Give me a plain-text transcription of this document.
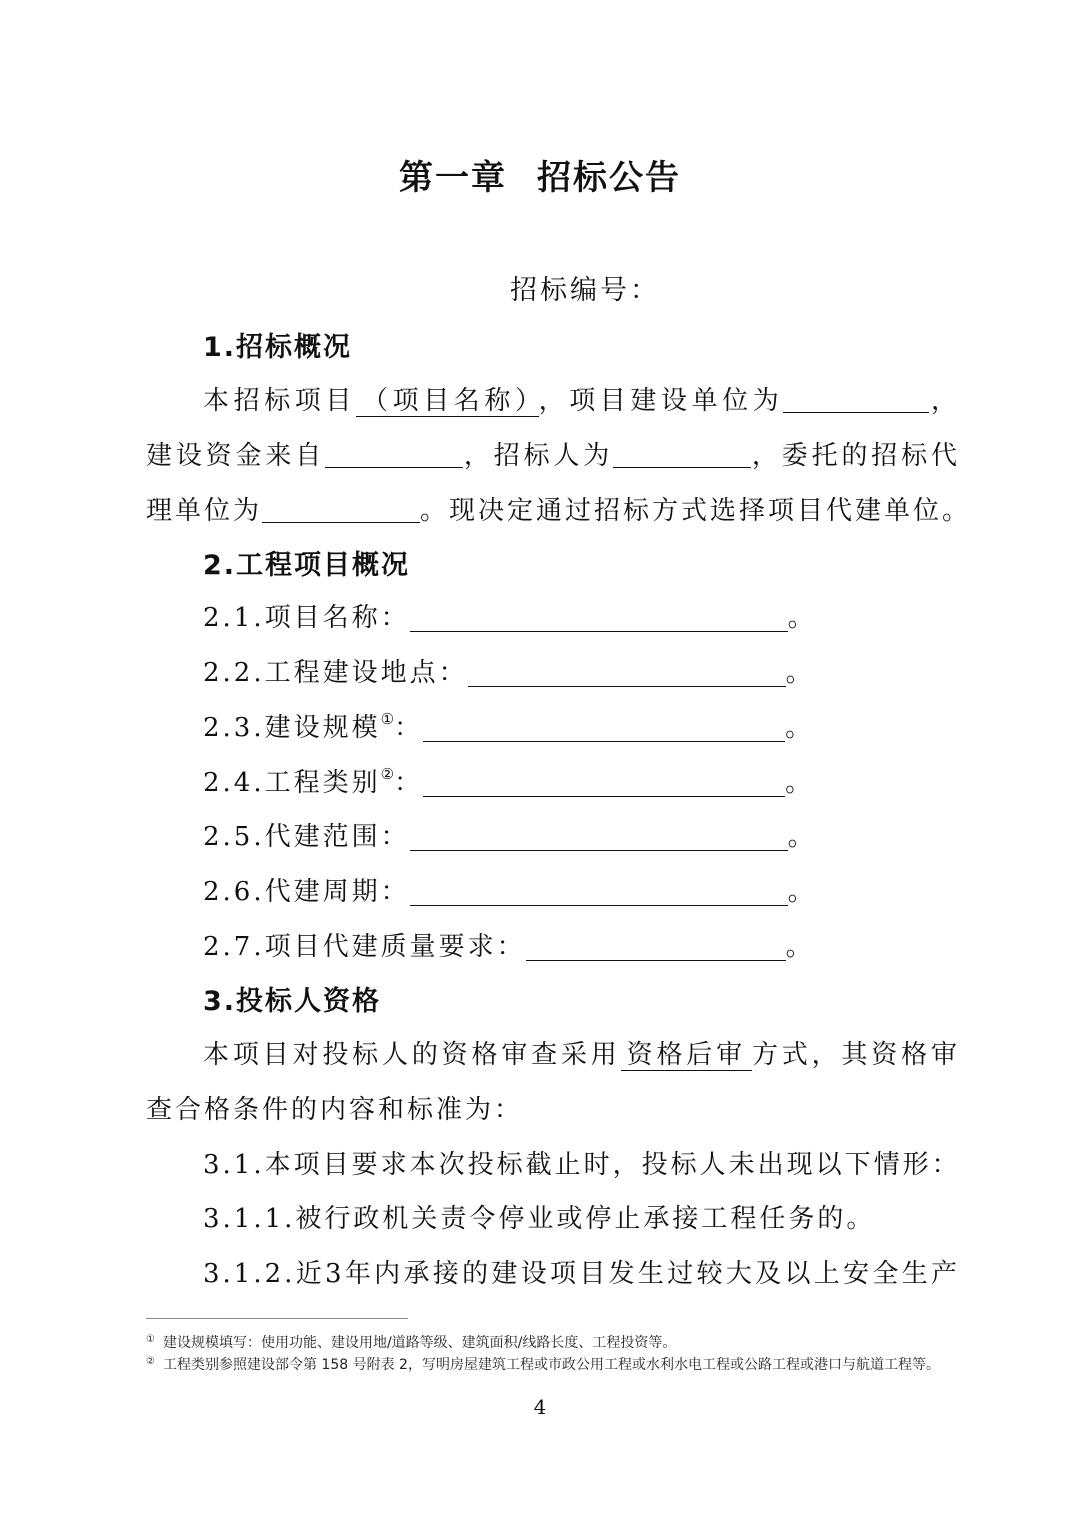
第一章 招标公告
招标编号：
1.招标概况
本招标项目 （项目名称） ，项目建设单位为	，
建设资金来自	，招标人为	，委托的招标代
理单位为	。现决定通过招标方式选择项目代建单位。
2.工程项目概况
2.1.项目名称：	。
2.2.工程建设地点：	。
2.3.建设规模①：	。
2.4.工程类别②：	。
2.5.代建范围：	。
2.6.代建周期：	。
2.7.项目代建质量要求：	。
3.投标人资格
本项目对投标人的资格审查采用 资格后审 方式，其资格审
查合格条件的内容和标准为：
3.1.本项目要求本次投标截止时，投标人未出现以下情形：
3.1.1.被行政机关责令停业或停止承接工程任务的。
3.1.2.近3年内承接的建设项目发生过较大及以上安全生产
① 建设规模填写：使用功能、建设用地/道路等级、建筑面积/线路长度、工程投资等。
② 工程类别参照建设部令第 158 号附表 2，写明房屋建筑工程或市政公用工程或水利水电工程或公路工程或港口与航道工程等。
4
